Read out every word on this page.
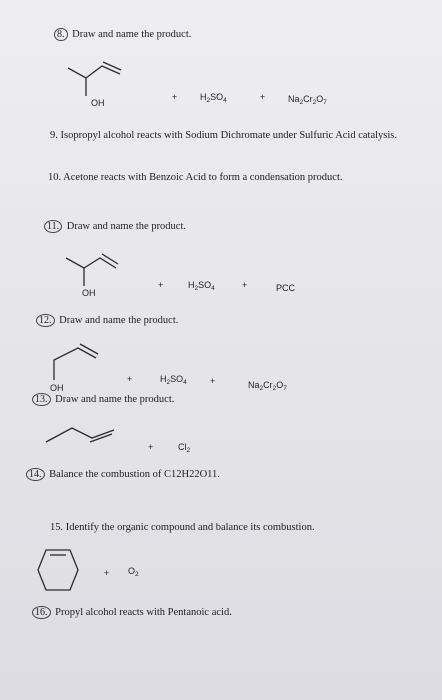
8. Draw and name the product.
OH
+	$H_2SO_4$	+	$Na_2Cr_2O_7$
9. Isopropyl alcohol reacts with Sodium Dichromate under Sulfuric Acid catalysis.
10. Acetone reacts with Benzoic Acid to form a condensation product.
11. Draw and name the product.
OH
+	$H_2SO_4$	+	PCC
12. Draw and name the product.
+	$H_2SO_4$	+	$Na_2Cr_2O_7$
OH
13. Draw and name the product.
+	$Cl_2$
14. Balance the combustion of C12H22O11.
15. Identify the organic compound and balance its combustion.
+ $O_2$
16. Propyl alcohol reacts with Pentanoic acid.
